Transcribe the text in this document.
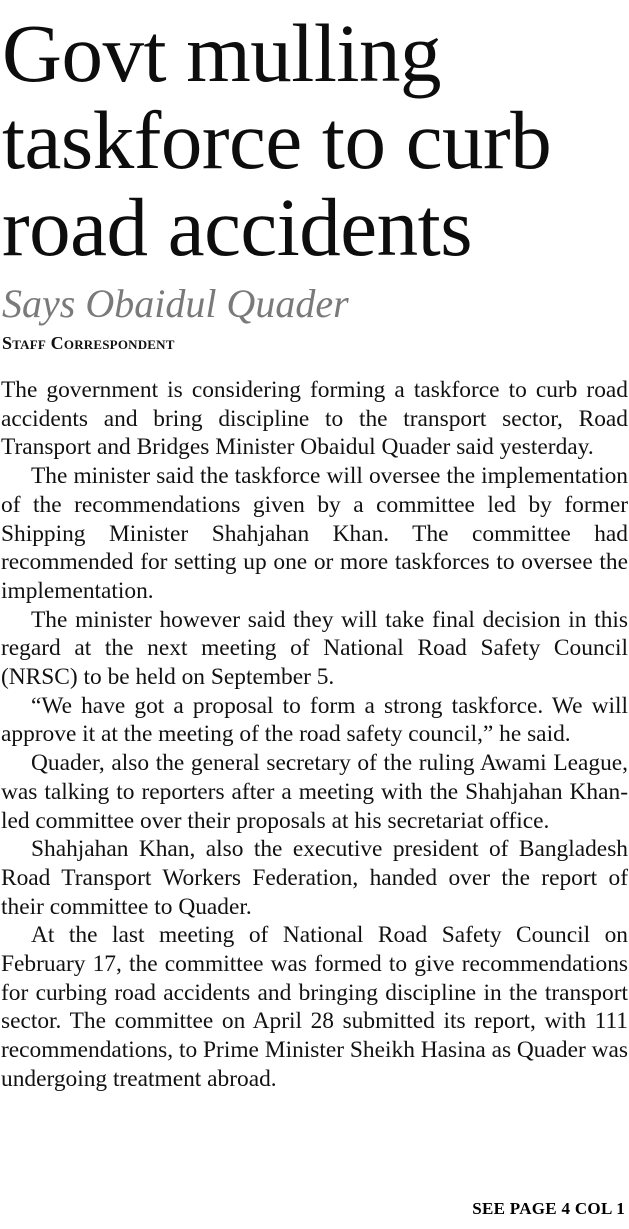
Govt mulling
taskforce to curb
road accidents
Says Obaidul Quader
Staff Correspondent

The government is considering forming a taskforce to curb road accidents and bring discipline to the transport sector, Road Transport and Bridges Minister Obaidul Quader said yesterday.

The minister said the taskforce will oversee the implementation of the recommendations given by a committee led by former Shipping Minister Shahjahan Khan. The committee had recommended for setting up one or more taskforces to oversee the implementation.

The minister however said they will take final decision in this regard at the next meeting of National Road Safety Council (NRSC) to be held on September 5.

“We have got a proposal to form a strong taskforce. We will approve it at the meeting of the road safety council,” he said.

Quader, also the general secretary of the ruling Awami League, was talking to reporters after a meeting with the Shahjahan Khan-led committee over their proposals at his secretariat office.

Shahjahan Khan, also the executive president of Bangladesh Road Transport Workers Federation, handed over the report of their committee to Quader.

At the last meeting of National Road Safety Council on February 17, the committee was formed to give recommendations for curbing road accidents and bringing discipline in the transport sector. The committee on April 28 submitted its report, with 111 recommendations, to Prime Minister Sheikh Hasina as Quader was undergoing treatment abroad.

SEE PAGE 4 COL 1
